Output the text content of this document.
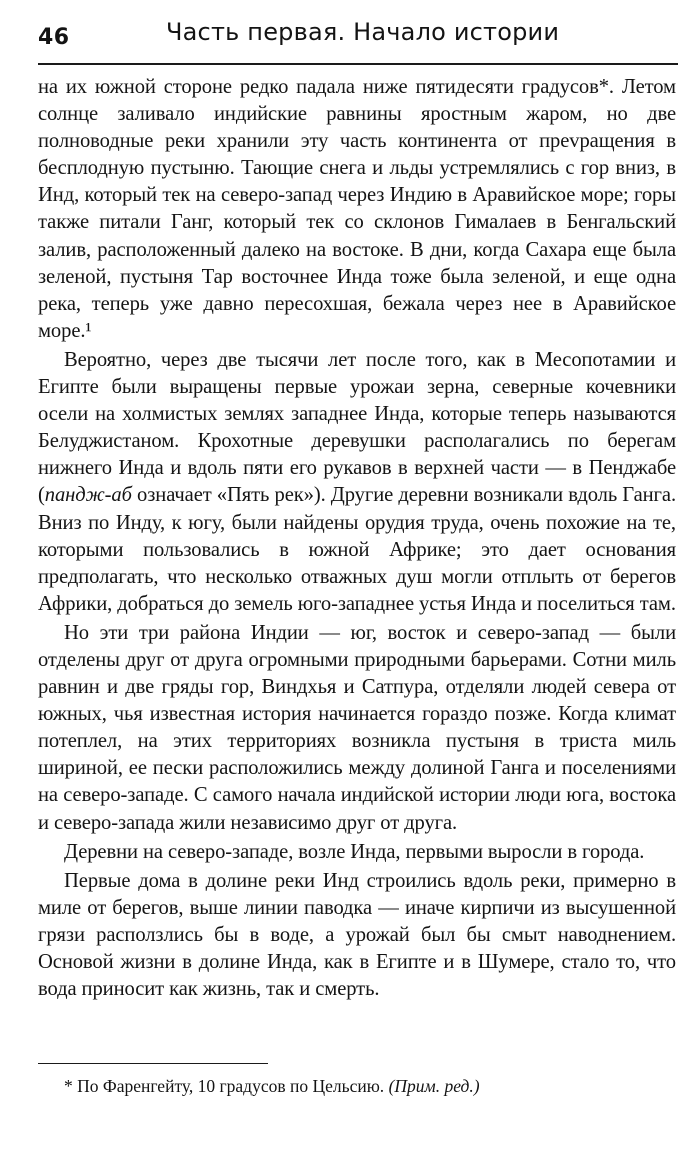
46	Часть первая. Начало истории

на их южной стороне редко падала ниже пятидесяти градусов*. Летом солнце заливало индийские равнины яростным жаром, но две полноводные реки хранили эту часть континента от преvращения в бесплодную пустыню. Тающие снега и льды устремлялись с гор вниз, в Инд, который тек на северо-запад через Индию в Аравийское море; горы также питали Ганг, который тек со склонов Гималаев в Бенгальский залив, расположенный далеко на востоке. В дни, когда Сахара еще была зеленой, пустыня Тар восточнее Инда тоже была зеленой, и еще одна река, теперь уже давно пересохшая, бежала через нее в Аравийское море.¹

Вероятно, через две тысячи лет после того, как в Месопотамии и Египте были выращены первые урожаи зерна, северные кочевники осели на холмистых землях западнее Инда, которые теперь называются Белуджистаном. Крохотные деревушки располагались по берегам нижнего Инда и вдоль пяти его рукавов в верхней части — в Пенджабе (пандж-аб означает «Пять рек»). Другие деревни возникали вдоль Ганга. Вниз по Инду, к югу, были найдены орудия труда, очень похожие на те, которыми пользовались в южной Африке; это дает основания предполагать, что несколько отважных душ могли отплыть от берегов Африки, добраться до земель юго-западнее устья Инда и поселиться там.

Но эти три района Индии — юг, восток и северо-запад — были отделены друг от друга огромными природными барьерами. Сотни миль равнин и две гряды гор, Виндхья и Сатпура, отделяли людей севера от южных, чья известная история начинается гораздо позже. Когда климат потеплел, на этих территориях возникла пустыня в триста миль шириной, ее пески расположились между долиной Ганга и поселениями на северо-западе. С самого начала индийской истории люди юга, востока и северо-запада жили независимо друг от друга.

Деревни на северо-западе, возле Инда, первыми выросли в города.

Первые дома в долине реки Инд строились вдоль реки, примерно в миле от берегов, выше линии паводка — иначе кирпичи из высушенной грязи расползлись бы в воде, а урожай был бы смыт наводнением. Основой жизни в долине Инда, как в Египте и в Шумере, стало то, что вода приносит как жизнь, так и смерть.

* По Фаренгейту, 10 градусов по Цельсию. (Прим. ред.)
